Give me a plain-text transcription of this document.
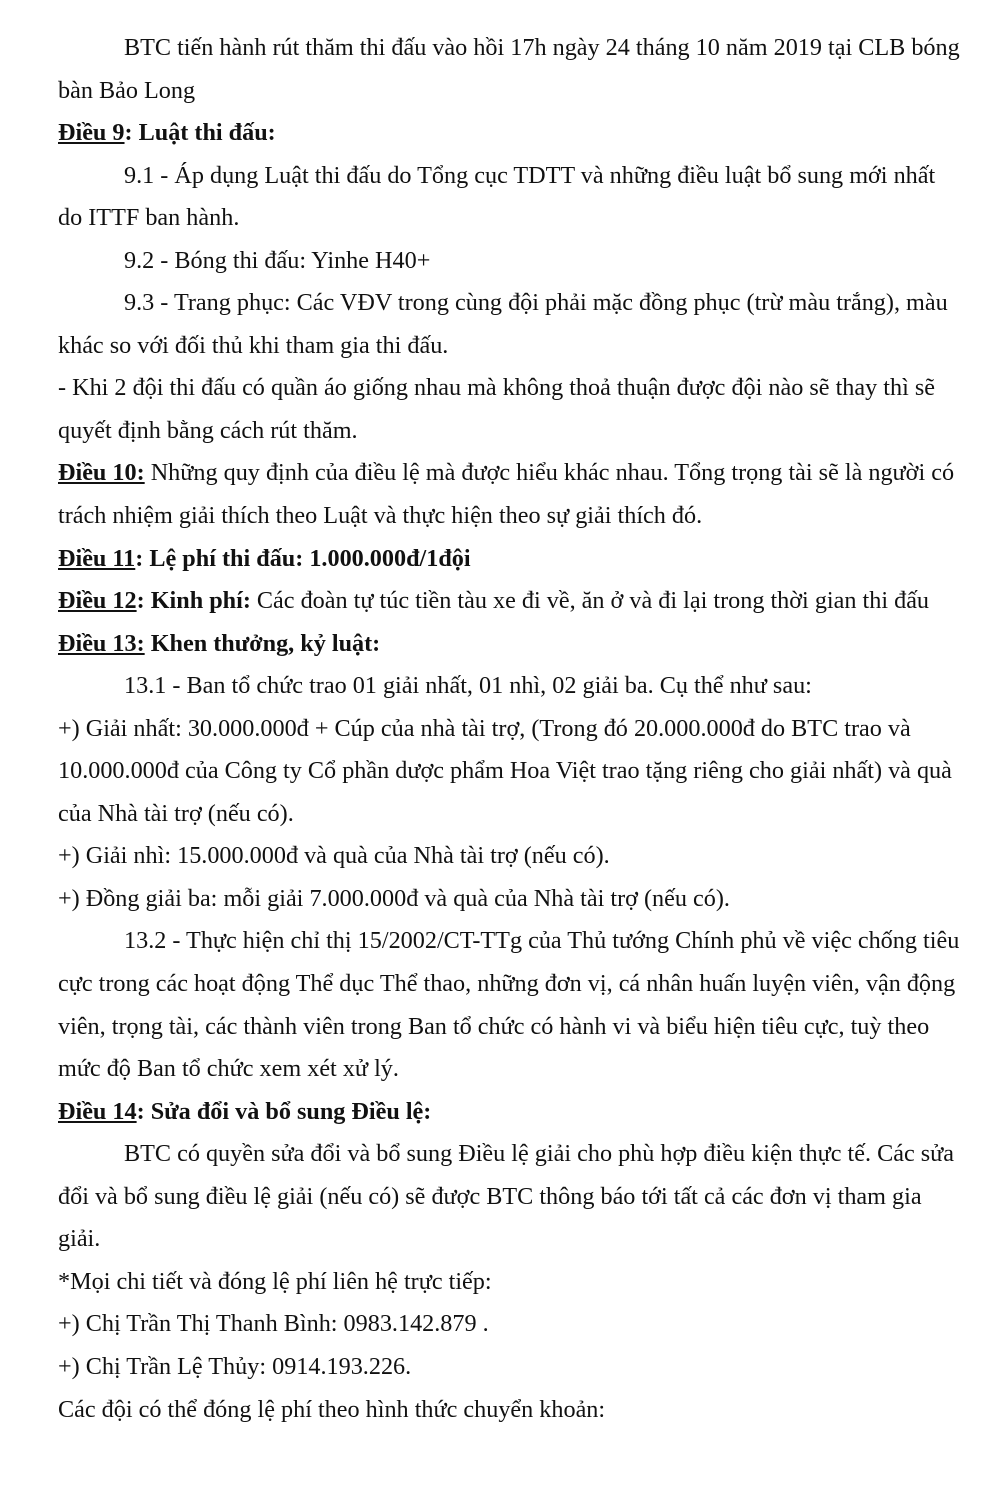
BTC tiến hành rút thăm thi đấu vào hồi 17h ngày 24 tháng 10 năm 2019 tại CLB bóng bàn Bảo Long

Điều 9: Luật thi đấu:

9.1 - Áp dụng Luật thi đấu do Tổng cục TDTT và những điều luật bổ sung mới nhất do ITTF ban hành.

9.2 - Bóng thi đấu: Yinhe H40+

9.3 - Trang phục: Các VĐV trong cùng đội phải mặc đồng phục (trừ màu trắng), màu khác so với đối thủ khi tham gia thi đấu.

- Khi 2 đội thi đấu có quần áo giống nhau mà không thoả thuận được đội nào sẽ thay thì sẽ quyết định bằng cách rút thăm.

Điều 10: Những quy định của điều lệ mà được hiểu khác nhau. Tổng trọng tài sẽ là người có trách nhiệm giải thích theo Luật và thực hiện theo sự giải thích đó.

Điều 11: Lệ phí thi đấu: 1.000.000đ/1đội

Điều 12: Kinh phí: Các đoàn tự túc tiền tàu xe đi về, ăn ở và đi lại trong thời gian thi đấu

Điều 13: Khen thưởng, kỷ luật:

13.1 - Ban tổ chức trao 01 giải nhất, 01 nhì, 02 giải ba. Cụ thể như sau:

+) Giải nhất: 30.000.000đ + Cúp của nhà tài trợ, (Trong đó 20.000.000đ do BTC trao và 10.000.000đ của Công ty Cổ phần dược phẩm Hoa Việt trao tặng riêng cho giải nhất) và quà của Nhà tài trợ (nếu có).

+) Giải nhì: 15.000.000đ và quà của Nhà tài trợ (nếu có).

+) Đồng giải ba: mỗi giải 7.000.000đ và quà của Nhà tài trợ (nếu có).

13.2 - Thực hiện chỉ thị 15/2002/CT-TTg của Thủ tướng Chính phủ về việc chống tiêu cực trong các hoạt động Thể dục Thể thao, những đơn vị, cá nhân huấn luyện viên, vận động viên, trọng tài, các thành viên trong Ban tổ chức có hành vi và biểu hiện tiêu cực, tuỳ theo mức độ Ban tổ chức xem xét xử lý.

Điều 14: Sửa đổi và bổ sung Điều lệ:

BTC có quyền sửa đổi và bổ sung Điều lệ giải cho phù hợp điều kiện thực tế. Các sửa đổi và bổ sung điều lệ giải (nếu có) sẽ được BTC thông báo tới tất cả các đơn vị tham gia giải.

*Mọi chi tiết và đóng lệ phí liên hệ trực tiếp:

+) Chị Trần Thị Thanh Bình: 0983.142.879 .

+) Chị Trần Lệ Thủy: 0914.193.226.

Các đội có thể đóng lệ phí theo hình thức chuyển khoản:
